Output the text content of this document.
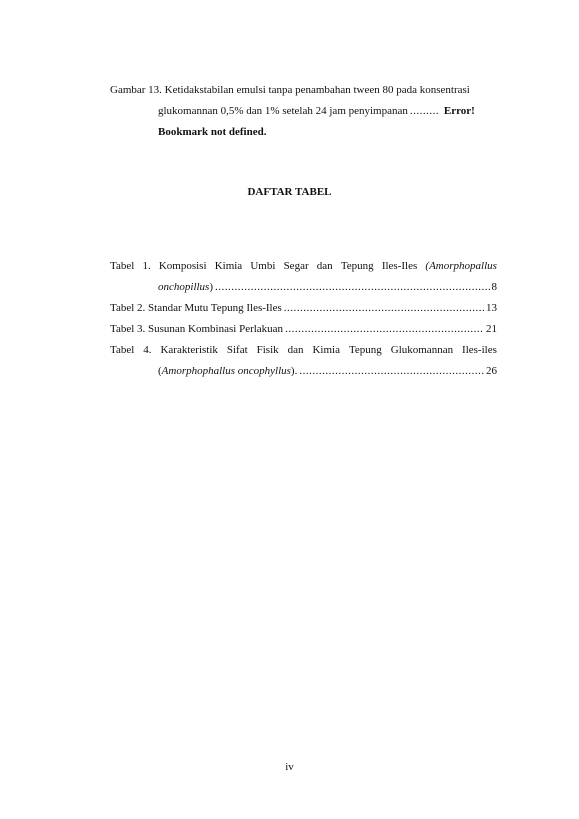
Gambar 13. Ketidakstabilan emulsi tanpa penambahan tween 80 pada konsentrasi
glukomannan 0,5% dan 1% setelah 24 jam penyimpanan .....	Error!
Bookmark not defined.
DAFTAR TABEL
Tabel 1. Komposisi Kimia Umbi Segar dan Tepung Iles-Iles (Amorphopallus
onchopillus ) .....	8
Tabel 2. Standar Mutu Tepung Iles-Iles .....	13
Tabel 3. Susunan Kombinasi Perlakuan .....	21
Tabel 4. Karakteristik Sifat Fisik dan Kimia Tepung Glukomannan Iles-iles
( Amorphophallus oncophyllus ). .....	26
iv
